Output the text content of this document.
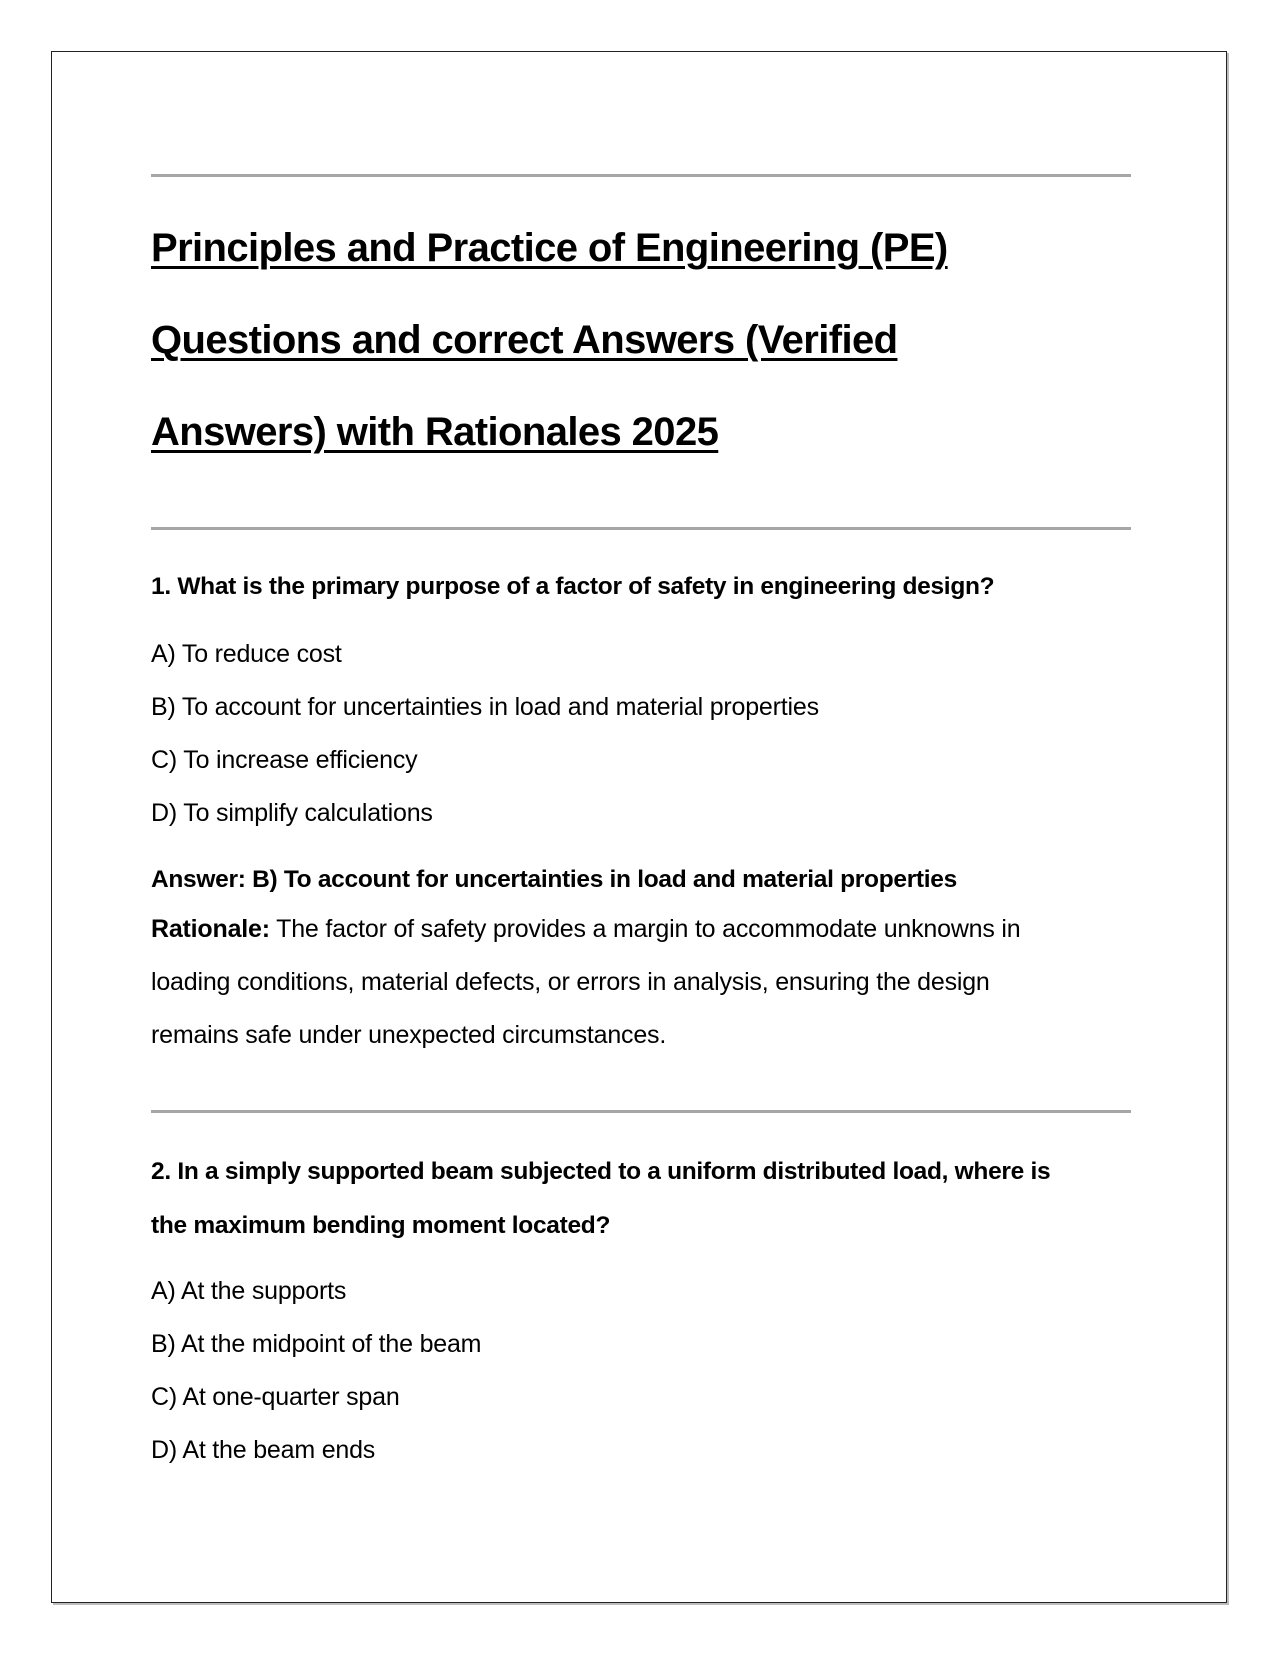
Principles and Practice of Engineering (PE)
Questions and correct Answers (Verified
Answers) with Rationales 2025
1. What is the primary purpose of a factor of safety in engineering design?
A) To reduce cost
B) To account for uncertainties in load and material properties
C) To increase efficiency
D) To simplify calculations
Answer: B) To account for uncertainties in load and material properties
Rationale: The factor of safety provides a margin to accommodate unknowns in
loading conditions, material defects, or errors in analysis, ensuring the design
remains safe under unexpected circumstances.
2. In a simply supported beam subjected to a uniform distributed load, where is
the maximum bending moment located?
A) At the supports
B) At the midpoint of the beam
C) At one-quarter span
D) At the beam ends
